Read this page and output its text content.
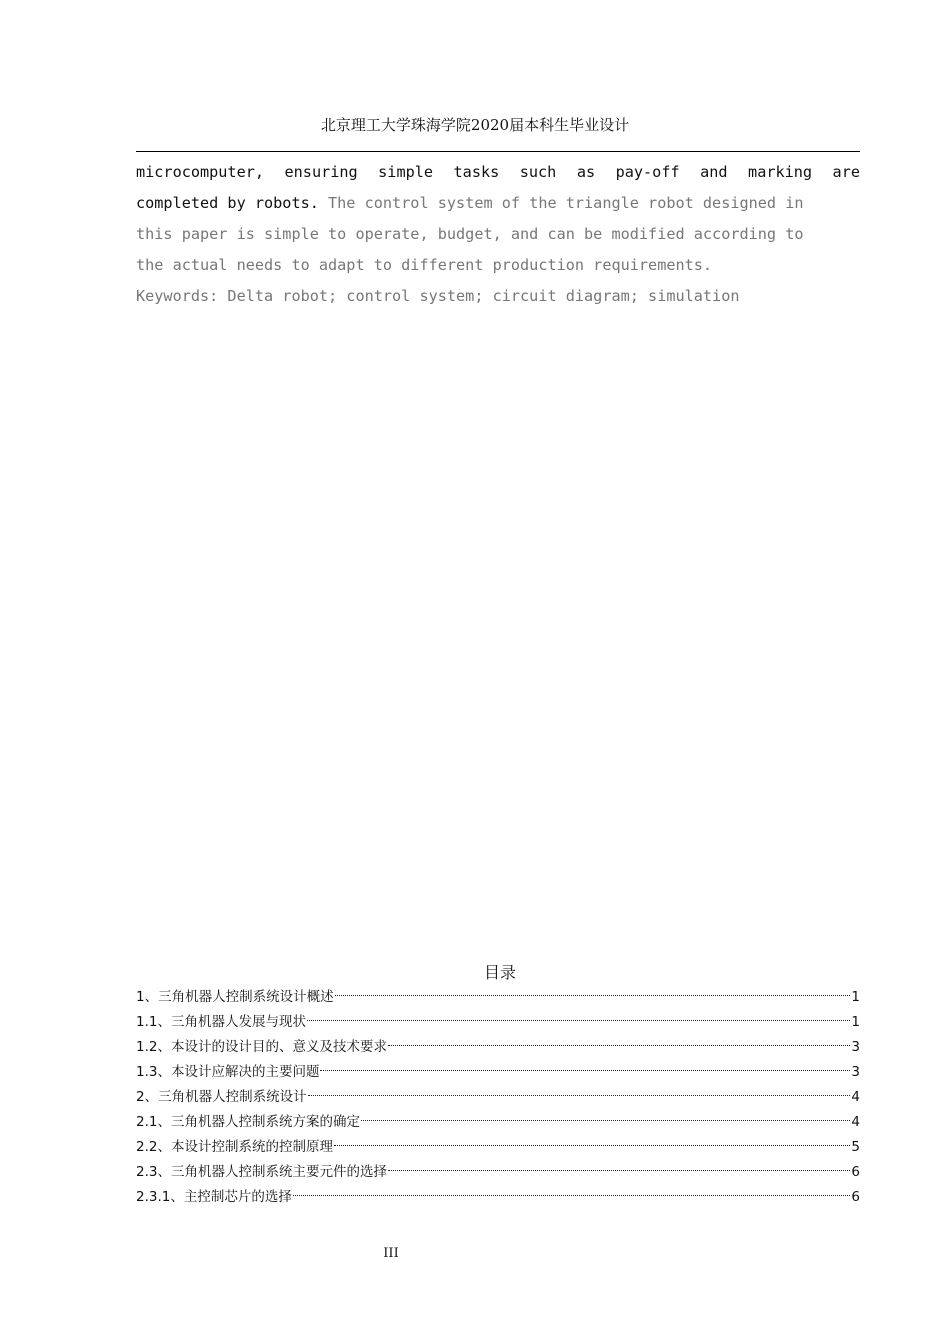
北京理工大学珠海学院2020届本科生毕业设计
microcomputer, ensuring simple tasks such as pay-off and marking are
completed by robots. The control system of the triangle robot designed in
this paper is simple to operate, budget, and can be modified according to
the actual needs to adapt to different production requirements.
Keywords: Delta robot; control system; circuit diagram; simulation
目录
1、三角机器人控制系统设计概述	1
1.1、三角机器人发展与现状	1
1.2、本设计的设计目的、意义及技术要求	3
1.3、本设计应解决的主要问题	3
2、三角机器人控制系统设计	4
2.1、三角机器人控制系统方案的确定	4
2.2、本设计控制系统的控制原理	5
2.3、三角机器人控制系统主要元件的选择	6
2.3.1、主控制芯片的选择	6
III
